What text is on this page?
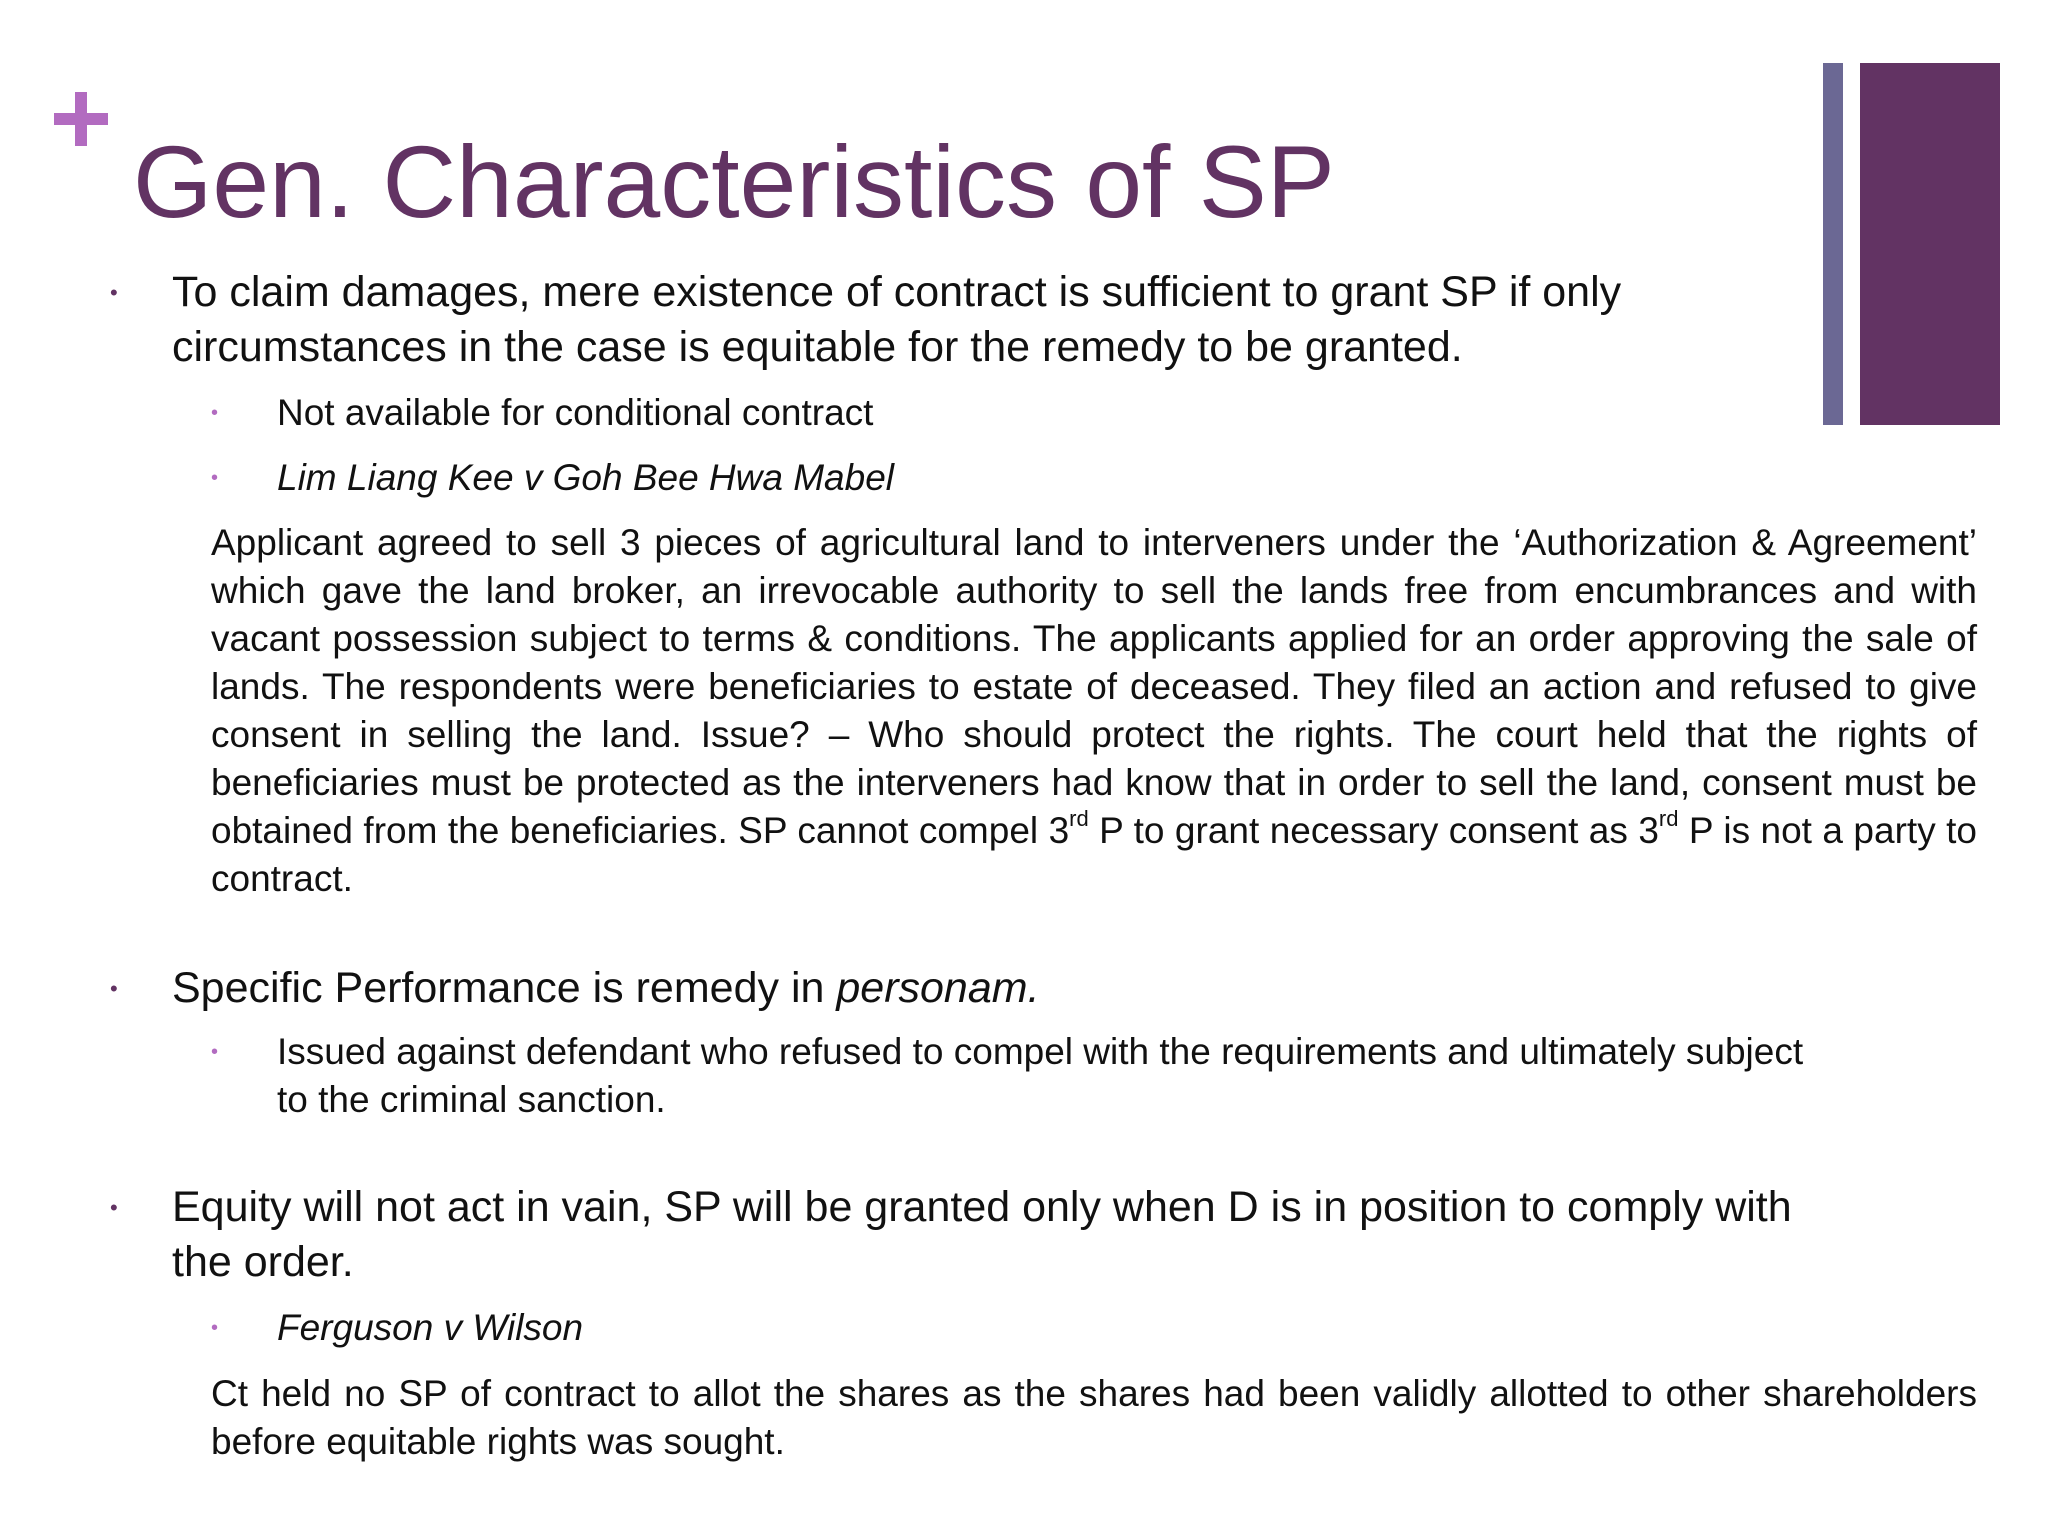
Gen. Characteristics of SP
• To claim damages, mere existence of contract is sufficient to grant SP if only circumstances in the case is equitable for the remedy to be granted.
• Not available for conditional contract
• Lim Liang Kee v Goh Bee Hwa Mabel
Applicant agreed to sell 3 pieces of agricultural land to interveners under the ‘Authorization & Agreement’ which gave the land broker, an irrevocable authority to sell the lands free from encumbrances and with vacant possession subject to terms & conditions. The applicants applied for an order approving the sale of lands. The respondents were beneficiaries to estate of deceased. They filed an action and refused to give consent in selling the land. Issue? – Who should protect the rights. The court held that the rights of beneficiaries must be protected as the interveners had know that in order to sell the land, consent must be obtained from the beneficiaries. SP cannot compel 3rd P to grant necessary consent as 3rd P is not a party to contract.
• Specific Performance is remedy in personam.
• Issued against defendant who refused to compel with the requirements and ultimately subject to the criminal sanction.
• Equity will not act in vain, SP will be granted only when D is in position to comply with the order.
• Ferguson v Wilson
Ct held no SP of contract to allot the shares as the shares had been validly allotted to other shareholders before equitable rights was sought.
